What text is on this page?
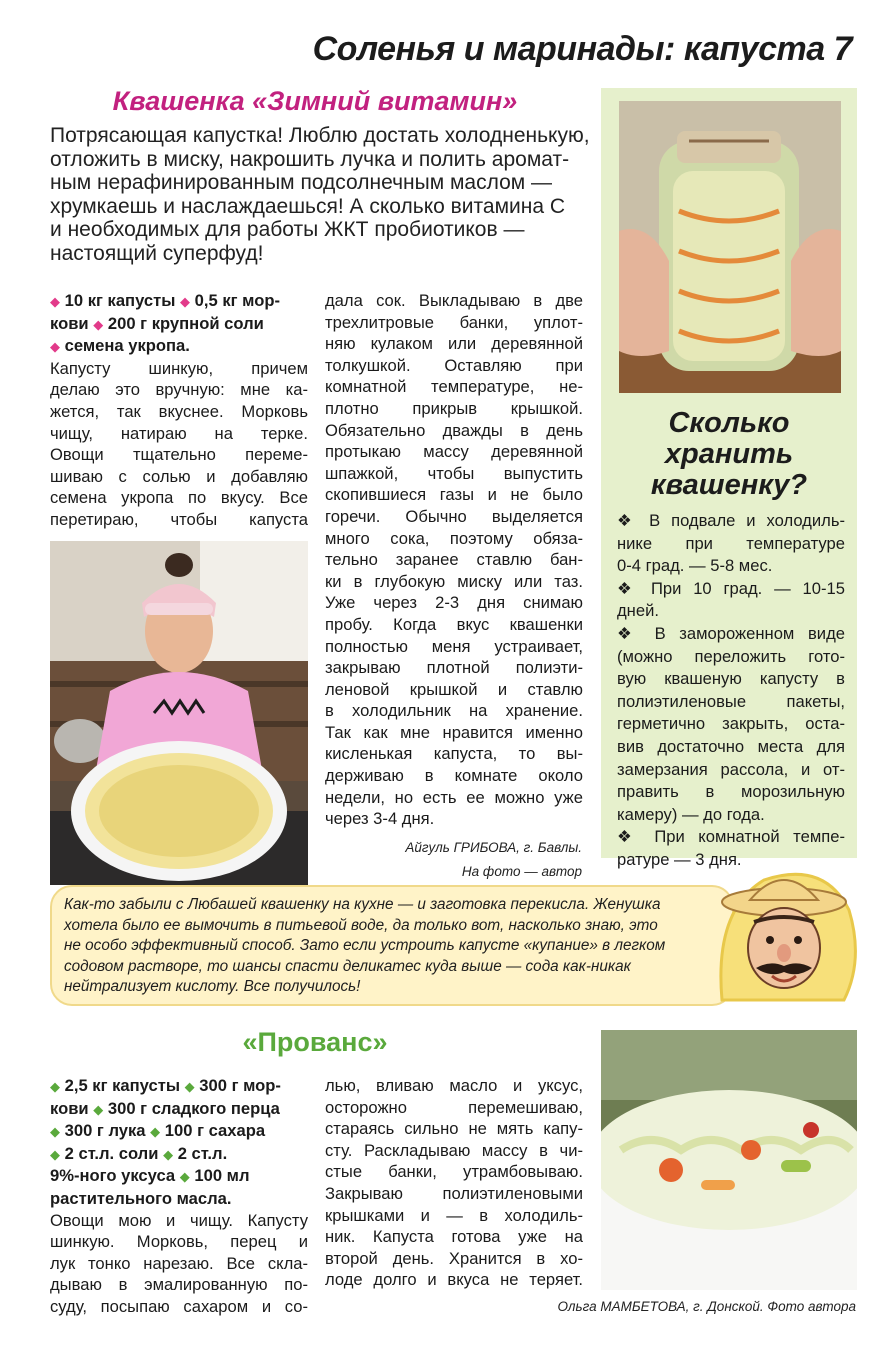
Соленья и маринады: капуста 7
Квашенка «Зимний витамин»

Потрясающая капустка! Люблю достать холодненькую,

отложить в миску, накрошить лучка и полить аромат-

ным нерафинированным подсолнечным маслом —

хрумкаешь и наслаждаешься! А сколько витамина С

и необходимых для работы ЖКТ пробиотиков —

настоящий суперфуд!

◆ 10 кг капусты ◆ 0,5 кг мор-

кови ◆ 200 г крупной соли

◆ семена укропа.

Капусту шинкую, причем

делаю это вручную: мне ка-

жется, так вкуснее. Морковь

чищу, натираю на терке.

Овощи тщательно переме-

шиваю с солью и добавляю

семена укропа по вкусу. Все

перетираю, чтобы капуста

дала сок. Выкладываю в две

трехлитровые банки, уплот-

няю кулаком или деревянной

толкушкой. Оставляю при

комнатной температуре, не-

плотно прикрыв крышкой.

Обязательно дважды в день

протыкаю массу деревянной

шпажкой, чтобы выпустить

скопившиеся газы и не было

горечи. Обычно выделяется

много сока, поэтому обяза-

тельно заранее ставлю бан-

ки в глубокую миску или таз.

Уже через 2-3 дня снимаю

пробу. Когда вкус квашенки

полностью меня устраивает,

закрываю плотной полиэти-

леновой крышкой и ставлю

в холодильник на хранение.

Так как мне нравится именно

кисленькая капуста, то вы-

держиваю в комнате около

недели, но есть ее можно уже

через 3-4 дня.

Айгуль ГРИБОВА, г. Бавлы.
На фото — автор
Сколько
хранить
квашенку?

❖ В подвале и холодиль-

нике при температуре

0-4 град. — 5-8 мес.

❖ При 10 град. — 10-15

дней.

❖ В замороженном виде

(можно переложить гото-

вую квашеную капусту в

полиэтиленовые пакеты,

герметично закрыть, оста-

вив достаточно места для

замерзания рассола, и от-

править в морозильную

камеру) — до года.

❖ При комнатной темпе-

ратуре — 3 дня.

Как-то забыли с Любашей квашенку на кухне — и заготовка перекисла. Женушка

хотела было ее вымочить в питьевой воде, да только вот, насколько знаю, это

не особо эффективный способ. Зато если устроить капусте «купание» в легком

содовом растворе, то шансы спасти деликатес куда выше — сода как-никак

нейтрализует кислоту. Все получилось!

«Прованс»

◆ 2,5 кг капусты ◆ 300 г мор-

кови ◆ 300 г сладкого перца

◆ 300 г лука ◆ 100 г сахара

◆ 2 ст.л. соли ◆ 2 ст.л.

9%-ного уксуса ◆ 100 мл

растительного масла.

Овощи мою и чищу. Капусту

шинкую. Морковь, перец и

лук тонко нарезаю. Все скла-

дываю в эмалированную по-

суду, посыпаю сахаром и со-

лью, вливаю масло и уксус,

осторожно перемешиваю,

стараясь сильно не мять капу-

сту. Раскладываю массу в чи-

стые банки, утрамбовываю.

Закрываю полиэтиленовыми

крышками и — в холодиль-

ник. Капуста готова уже на

второй день. Хранится в хо-

лоде долго и вкуса не теряет.

Ольга МАМБЕТОВА, г. Донской. Фото автора
